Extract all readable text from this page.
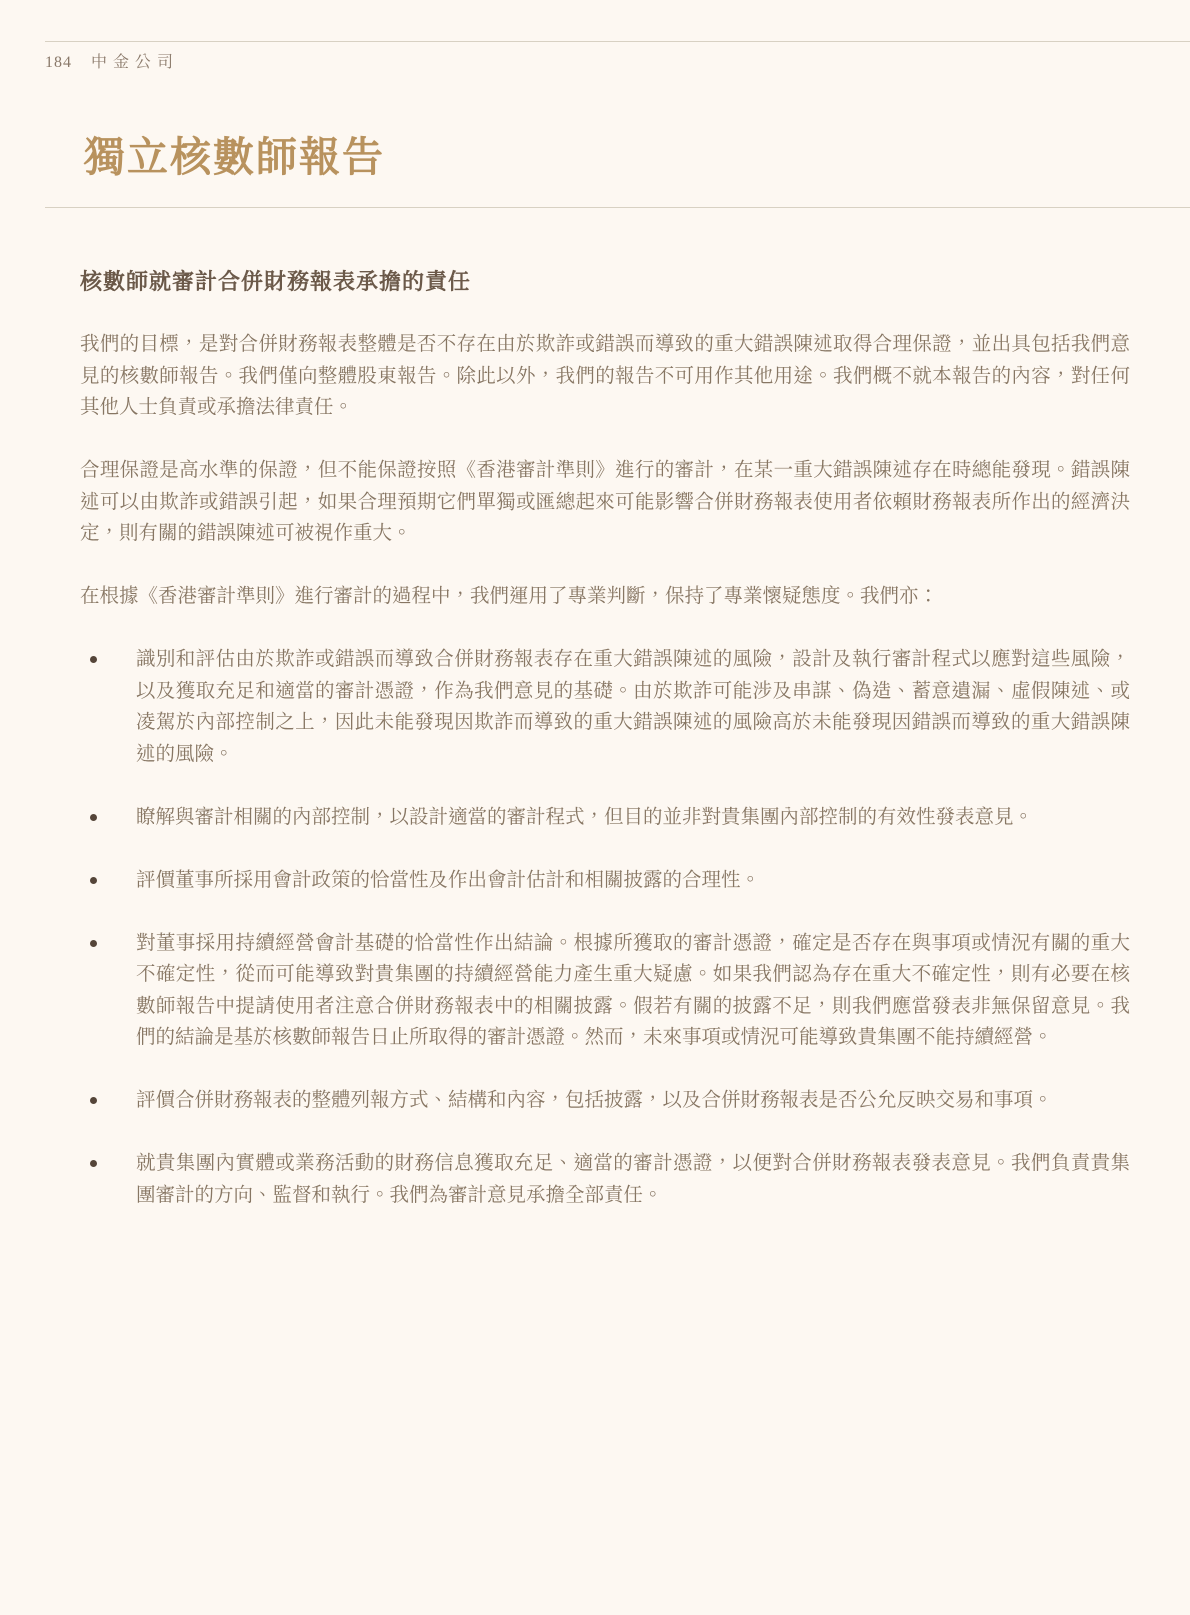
184 中金公司
獨立核數師報告
核數師就審計合併財務報表承擔的責任

我們的目標，是對合併財務報表整體是否不存在由於欺詐或錯誤而導致的重大錯誤陳述取得合理保證，並出具包括我們意見的核數師報告。我們僅向整體股東報告。除此以外，我們的報告不可用作其他用途。我們概不就本報告的內容，對任何其他人士負責或承擔法律責任。

合理保證是高水準的保證，但不能保證按照《香港審計準則》進行的審計，在某一重大錯誤陳述存在時總能發現。錯誤陳述可以由欺詐或錯誤引起，如果合理預期它們單獨或匯總起來可能影響合併財務報表使用者依賴財務報表所作出的經濟決定，則有關的錯誤陳述可被視作重大。

在根據《香港審計準則》進行審計的過程中，我們運用了專業判斷，保持了專業懷疑態度。我們亦：

識別和評估由於欺詐或錯誤而導致合併財務報表存在重大錯誤陳述的風險，設計及執行審計程式以應對這些風險，以及獲取充足和適當的審計憑證，作為我們意見的基礎。由於欺詐可能涉及串謀、偽造、蓄意遺漏、虛假陳述、或凌駕於內部控制之上，因此未能發現因欺詐而導致的重大錯誤陳述的風險高於未能發現因錯誤而導致的重大錯誤陳述的風險。

瞭解與審計相關的內部控制，以設計適當的審計程式，但目的並非對貴集團內部控制的有效性發表意見。

評價董事所採用會計政策的恰當性及作出會計估計和相關披露的合理性。

對董事採用持續經營會計基礎的恰當性作出結論。根據所獲取的審計憑證，確定是否存在與事項或情況有關的重大不確定性，從而可能導致對貴集團的持續經營能力產生重大疑慮。如果我們認為存在重大不確定性，則有必要在核數師報告中提請使用者注意合併財務報表中的相關披露。假若有關的披露不足，則我們應當發表非無保留意見。我們的結論是基於核數師報告日止所取得的審計憑證。然而，未來事項或情況可能導致貴集團不能持續經營。

評價合併財務報表的整體列報方式、結構和內容，包括披露，以及合併財務報表是否公允反映交易和事項。

就貴集團內實體或業務活動的財務信息獲取充足、適當的審計憑證，以便對合併財務報表發表意見。我們負責貴集團審計的方向、監督和執行。我們為審計意見承擔全部責任。
